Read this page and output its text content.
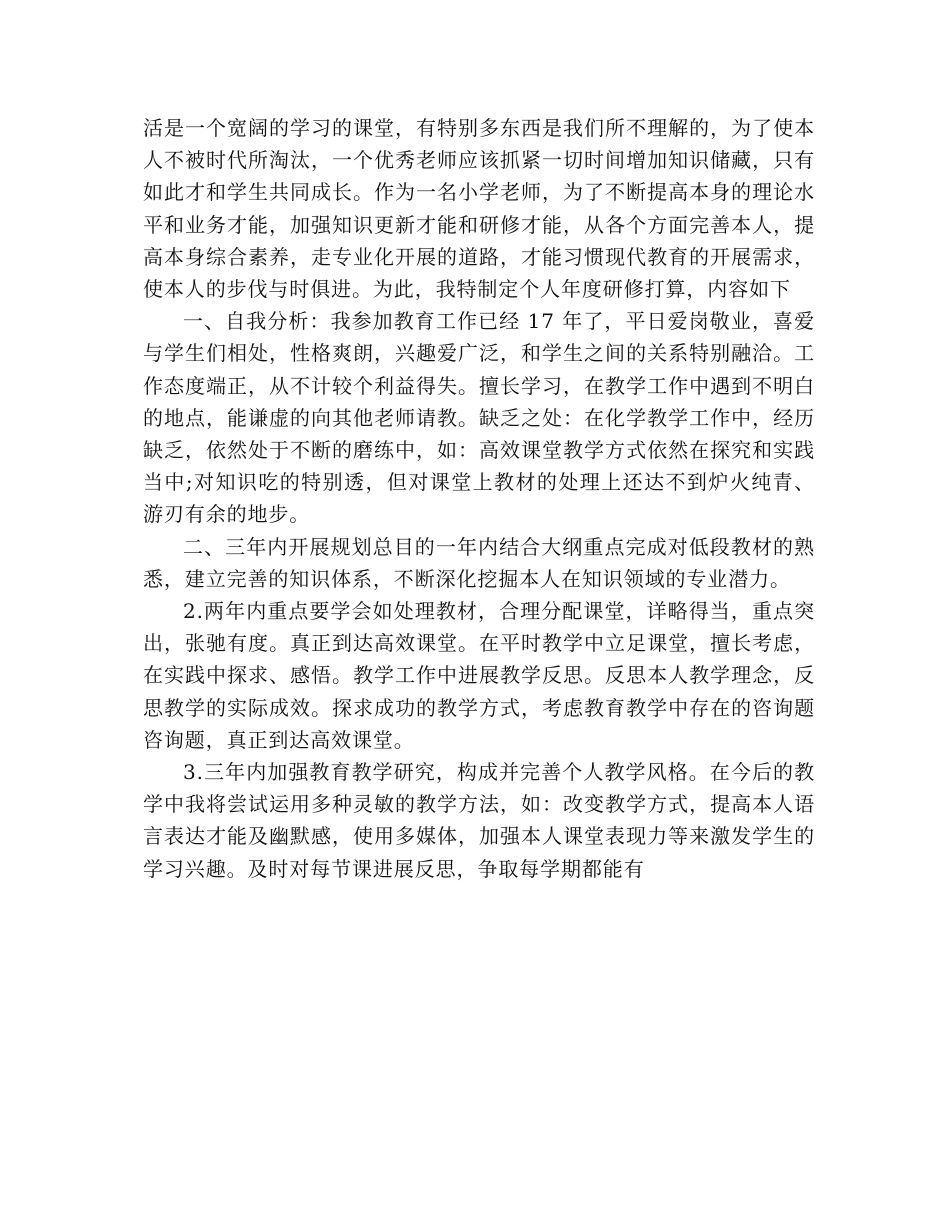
活是一个宽阔的学习的课堂，有特别多东西是我们所不理解的，为了使本人不被时代所淘汰，一个优秀老师应该抓紧一切时间增加知识储藏，只有如此才和学生共同成长。作为一名小学老师，为了不断提高本身的理论水平和业务才能，加强知识更新才能和研修才能，从各个方面完善本人，提高本身综合素养，走专业化开展的道路，才能习惯现代教育的开展需求，使本人的步伐与时俱进。为此，我特制定个人年度研修打算，内容如下

一、自我分析：我参加教育工作已经 17 年了，平日爱岗敬业，喜爱与学生们相处，性格爽朗，兴趣爱广泛，和学生之间的关系特别融洽。工作态度端正，从不计较个利益得失。擅长学习，在教学工作中遇到不明白的地点，能谦虚的向其他老师请教。缺乏之处：在化学教学工作中，经历缺乏，依然处于不断的磨练中，如：高效课堂教学方式依然在探究和实践当中;对知识吃的特别透，但对课堂上教材的处理上还达不到炉火纯青、游刃有余的地步。

二、三年内开展规划总目的一年内结合大纲重点完成对低段教材的熟悉，建立完善的知识体系，不断深化挖掘本人在知识领域的专业潜力。

2.两年内重点要学会如处理教材，合理分配课堂，详略得当，重点突出，张驰有度。真正到达高效课堂。在平时教学中立足课堂，擅长考虑，在实践中探求、感悟。教学工作中进展教学反思。反思本人教学理念，反思教学的实际成效。探求成功的教学方式，考虑教育教学中存在的咨询题咨询题，真正到达高效课堂。

3.三年内加强教育教学研究，构成并完善个人教学风格。在今后的教学中我将尝试运用多种灵敏的教学方法，如：改变教学方式，提高本人语言表达才能及幽默感，使用多媒体，加强本人课堂表现力等来激发学生的学习兴趣。及时对每节课进展反思，争取每学期都能有
